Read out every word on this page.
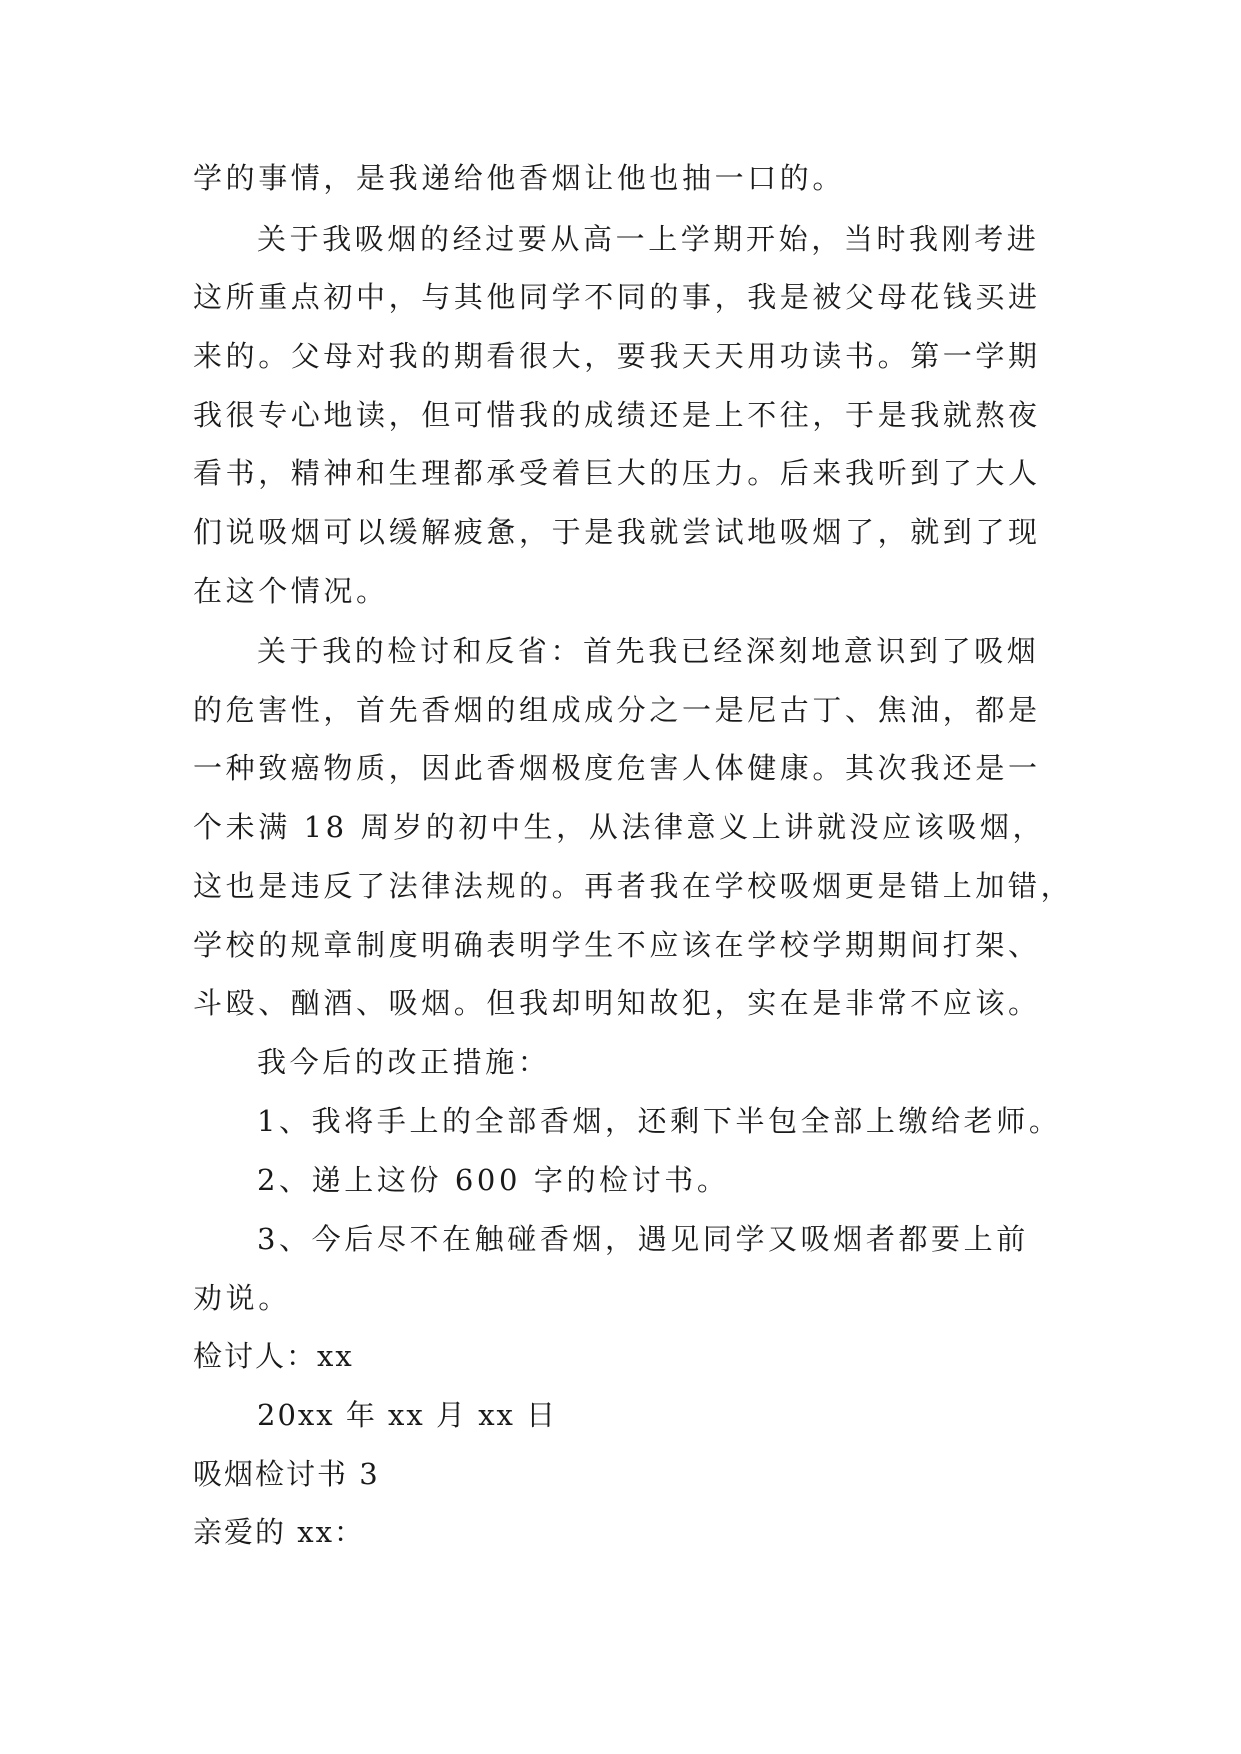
学的事情，是我递给他香烟让他也抽一口的。
关于我吸烟的经过要从高一上学期开始，当时我刚考进
这所重点初中，与其他同学不同的事，我是被父母花钱买进
来的。父母对我的期看很大，要我天天用功读书。第一学期
我很专心地读，但可惜我的成绩还是上不往，于是我就熬夜
看书，精神和生理都承受着巨大的压力。后来我听到了大人
们说吸烟可以缓解疲惫，于是我就尝试地吸烟了，就到了现
在这个情况。
关于我的检讨和反省：首先我已经深刻地意识到了吸烟
的危害性，首先香烟的组成成分之一是尼古丁、焦油，都是
一种致癌物质，因此香烟极度危害人体健康。其次我还是一
个未满 18 周岁的初中生，从法律意义上讲就没应该吸烟，
这也是违反了法律法规的。再者我在学校吸烟更是错上加错，
学校的规章制度明确表明学生不应该在学校学期期间打架、
斗殴、酗酒、吸烟。但我却明知故犯，实在是非常不应该。
我今后的改正措施：
1、我将手上的全部香烟，还剩下半包全部上缴给老师。
2、递上这份 600 字的检讨书。
3、今后尽不在触碰香烟，遇见同学又吸烟者都要上前
劝说。
检讨人：xx
20xx 年 xx 月 xx 日
吸烟检讨书 3
亲爱的 xx：
